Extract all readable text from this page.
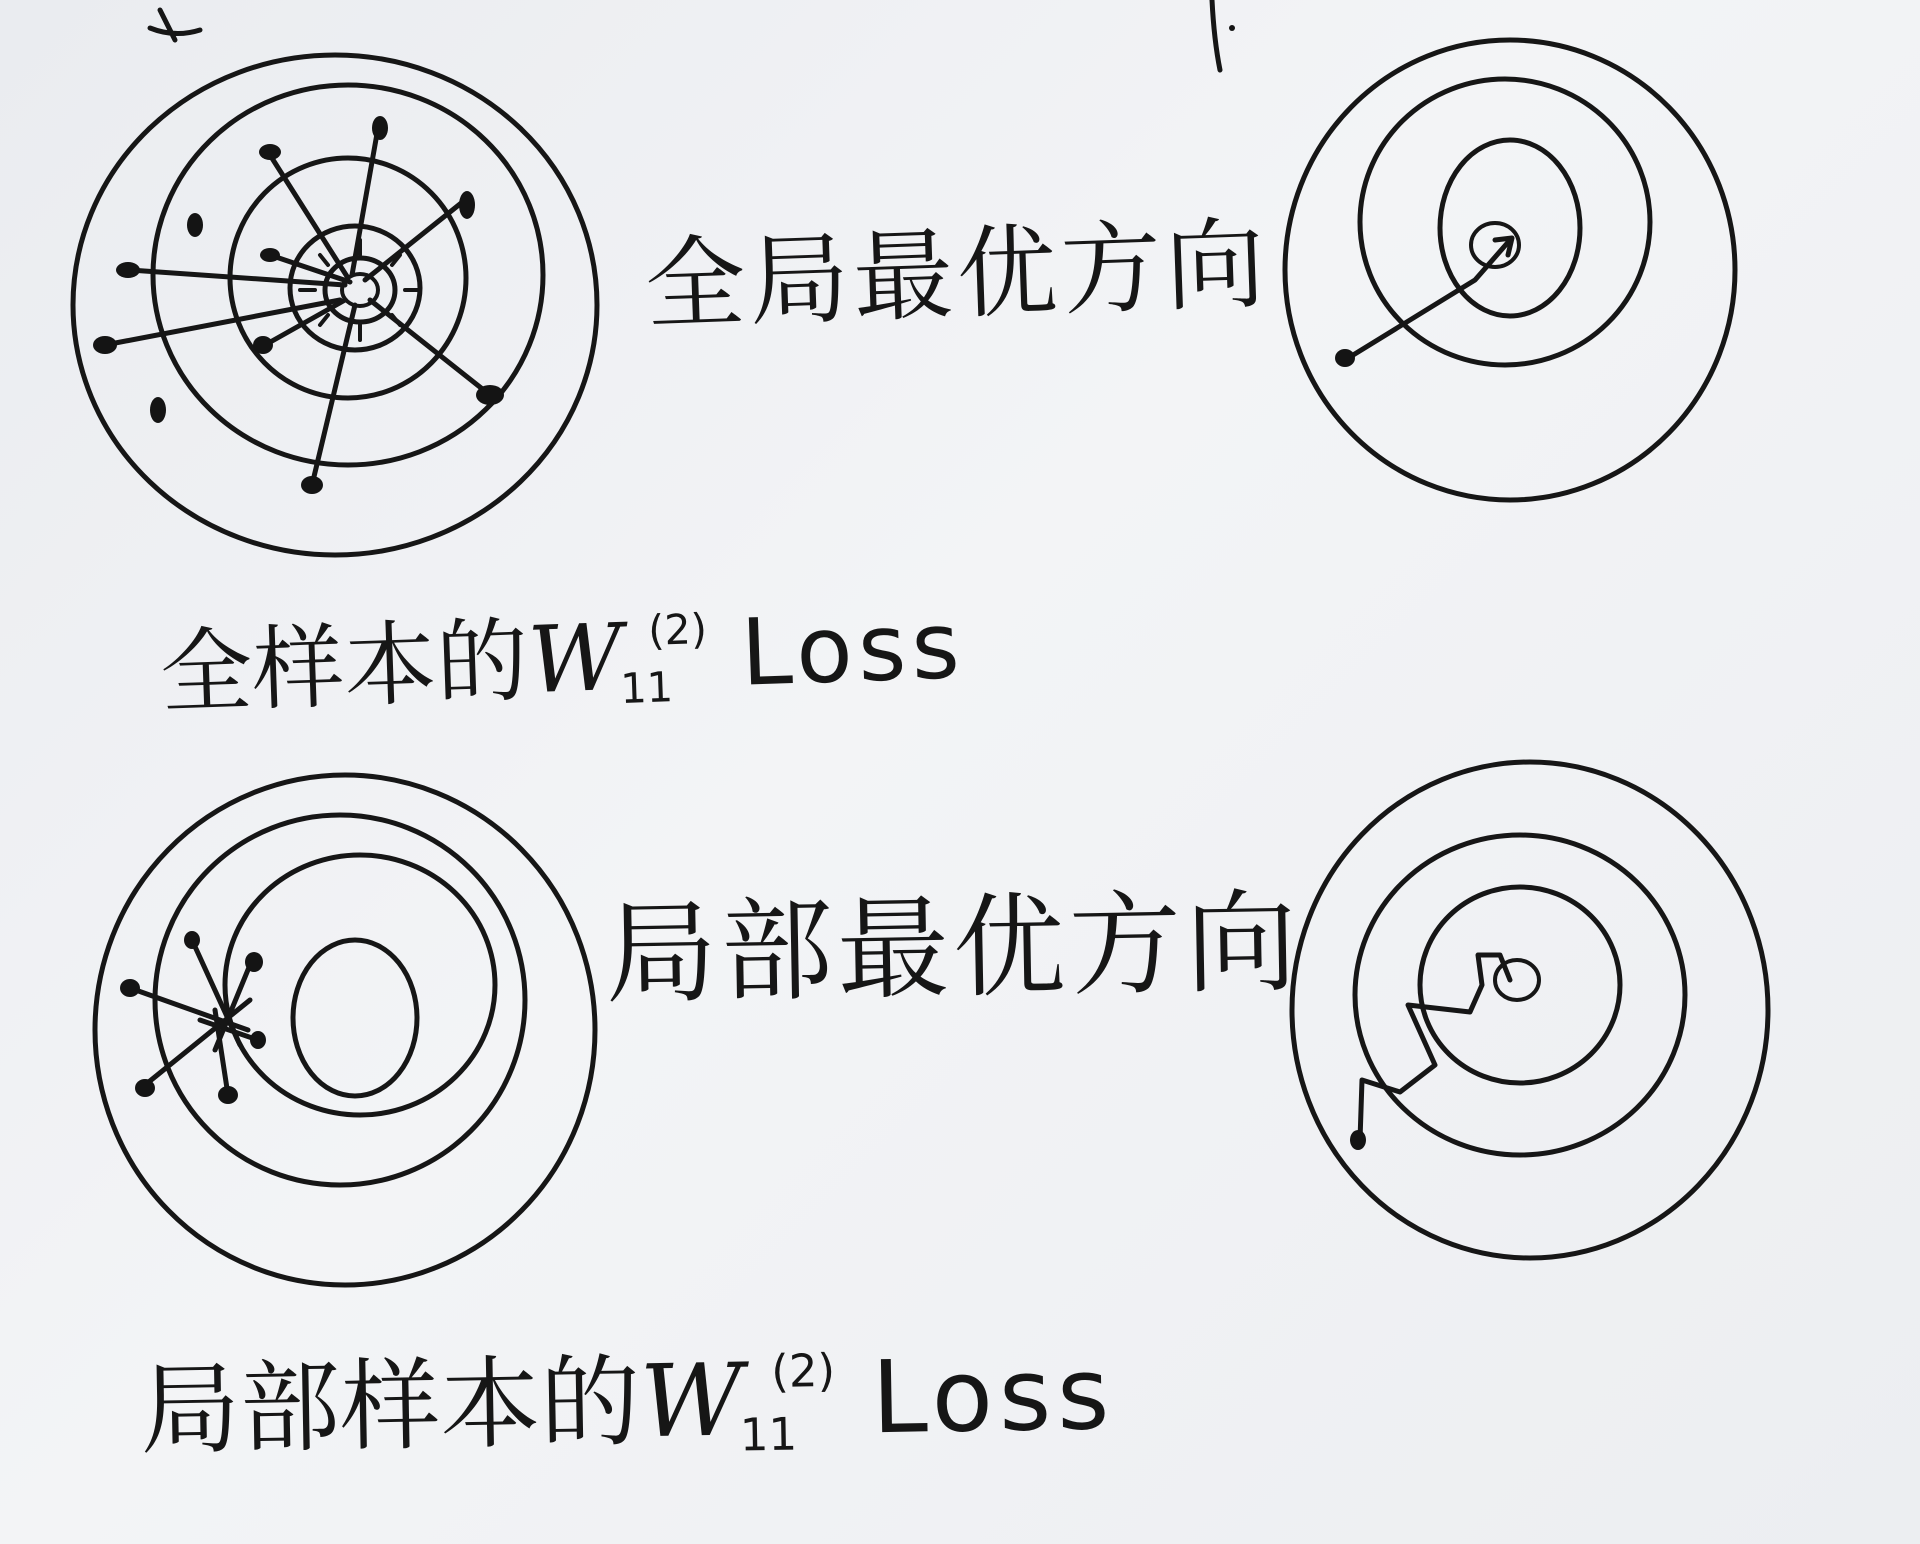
全局最优方向
局部最优方向
全样本的W11$^{(2)}$ Loss
局部样本的W11$^{(2)}$ Loss
